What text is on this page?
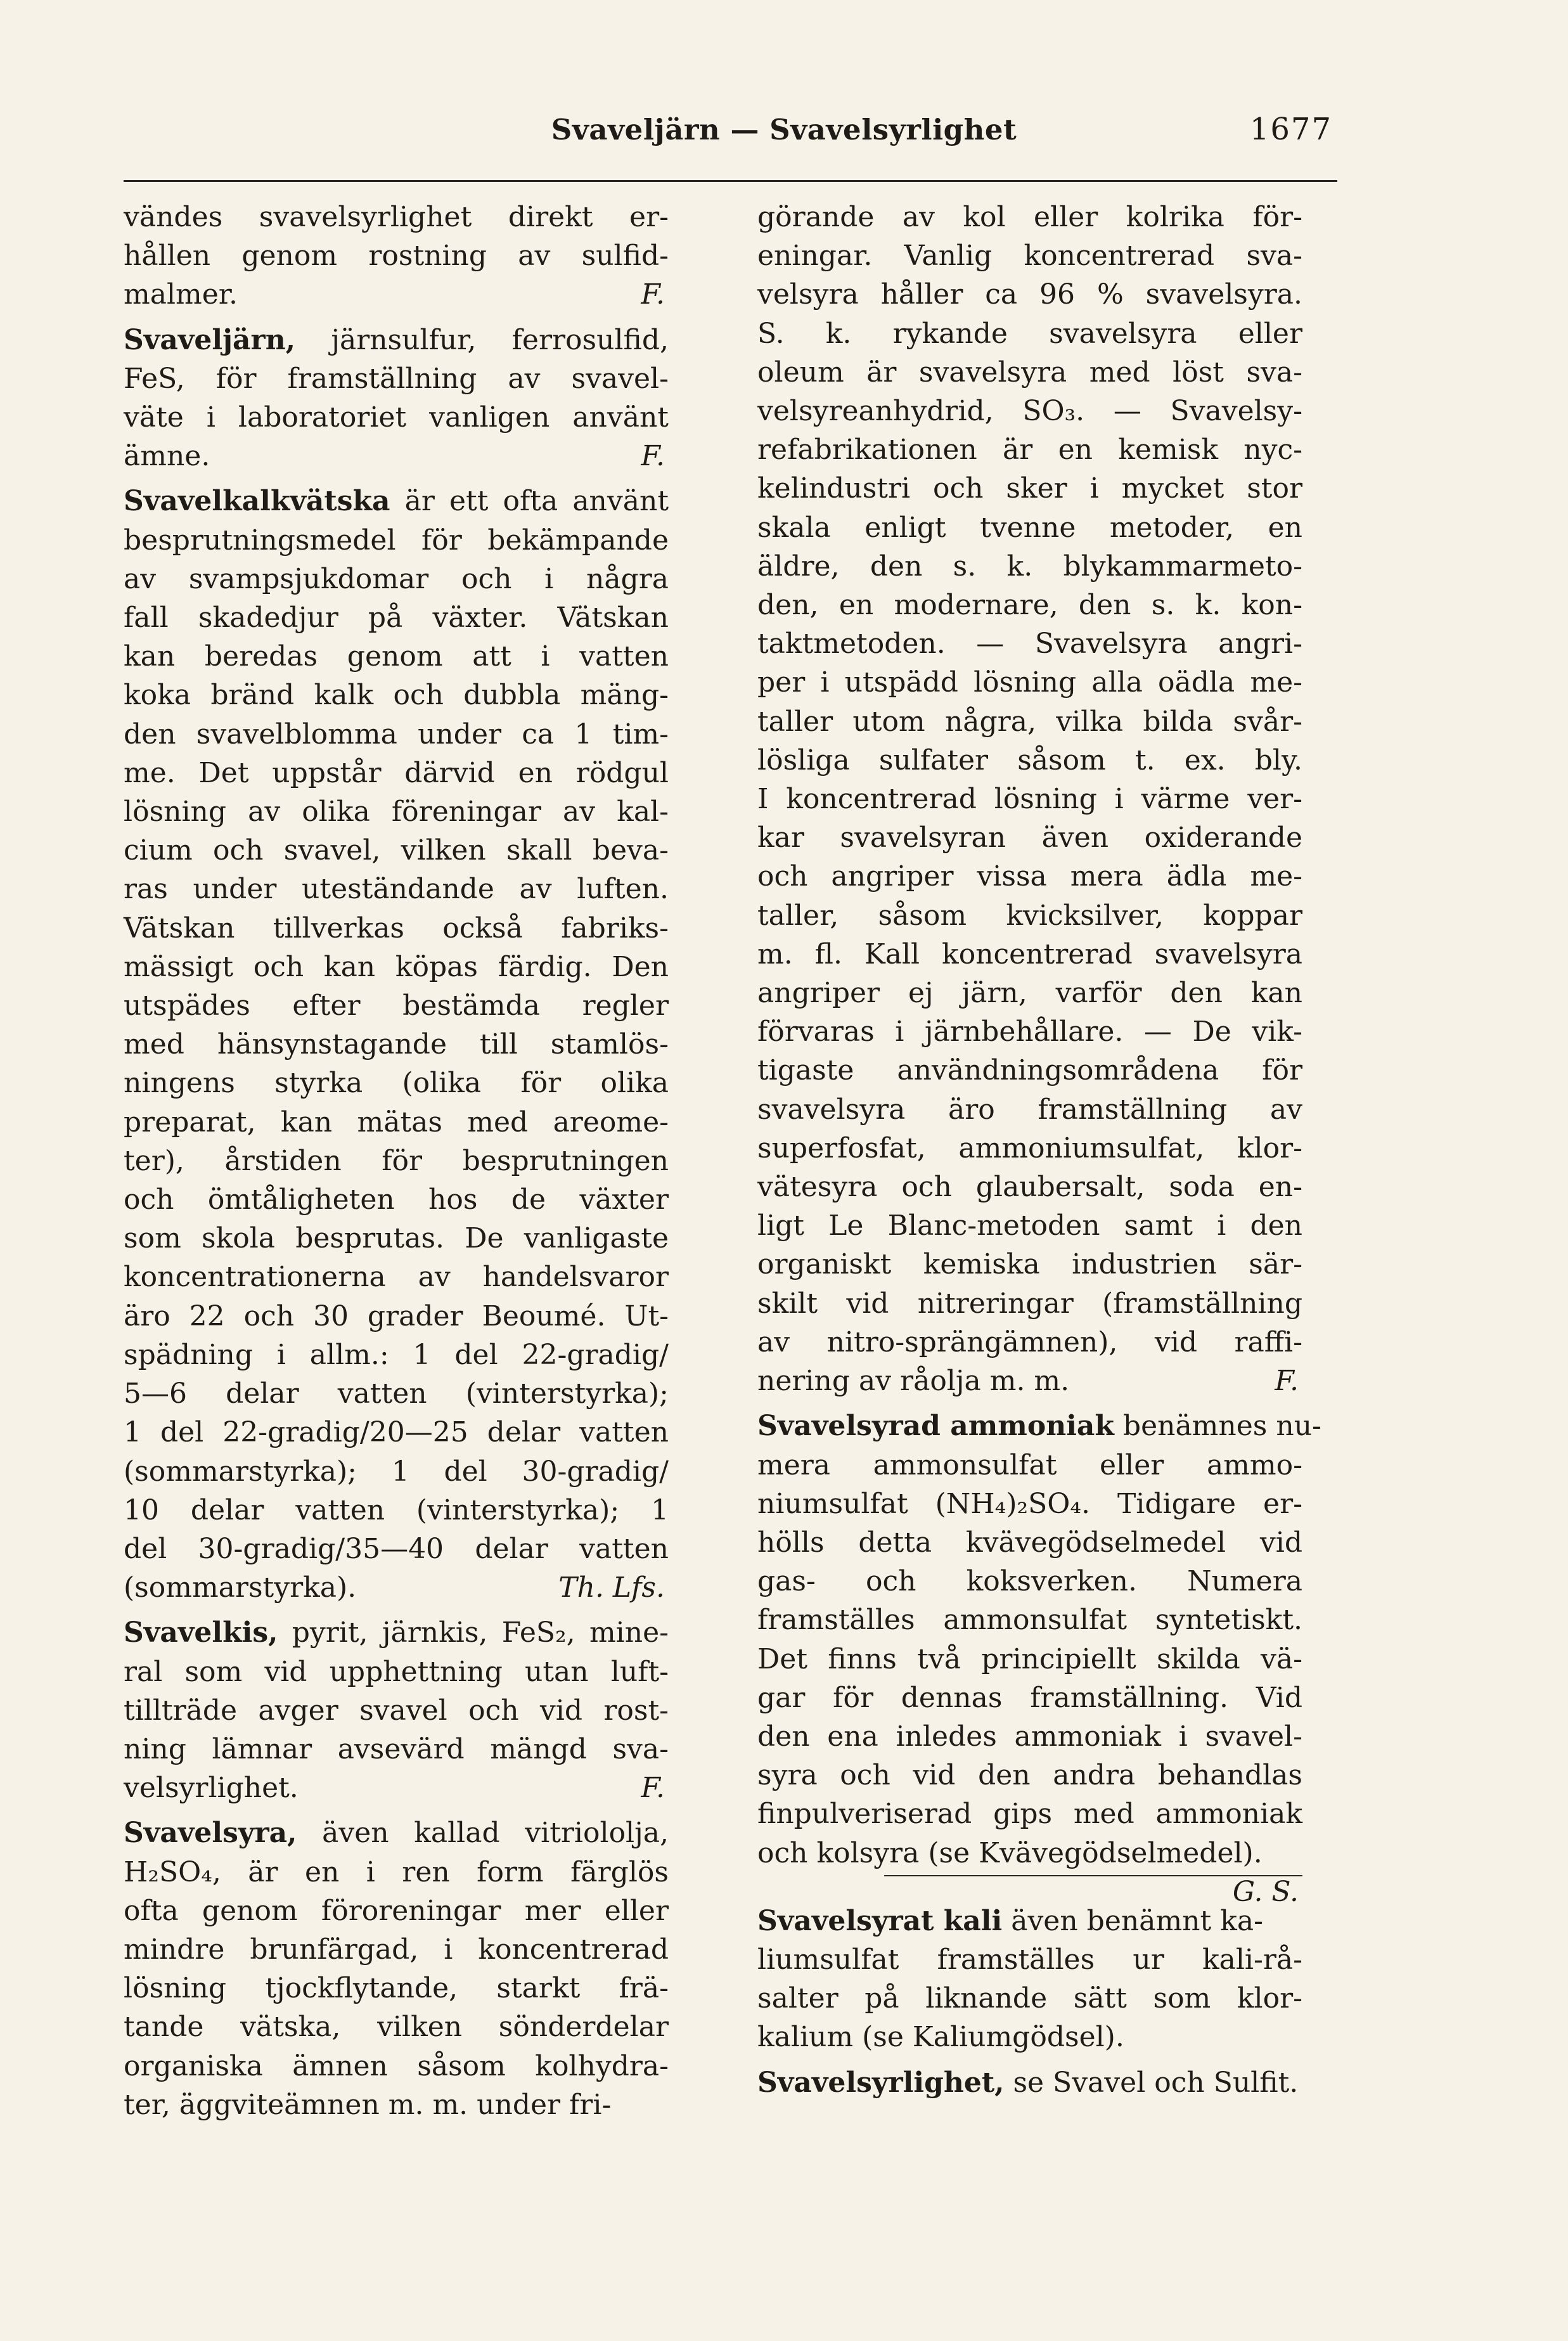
Svaveljärn — Svavelsyrlighet	1677
vändes svavelsyrlighet direkt er-
hållen genom rostning av sulfid-
malmer.	F.
Svaveljärn, järnsulfur, ferrosulfid,
FeS, för framställning av svavel-
väte i laboratoriet vanligen använt
ämne.	F.
Svavelkalkvätska är ett ofta använt
besprutningsmedel för bekämpande
av svampsjukdomar och i några
fall skadedjur på växter. Vätskan
kan beredas genom att i vatten
koka bränd kalk och dubbla mäng-
den svavelblomma under ca 1 tim-
me. Det uppstår därvid en rödgul
lösning av olika föreningar av kal-
cium och svavel, vilken skall beva-
ras under uteständande av luften.
Vätskan tillverkas också fabriks-
mässigt och kan köpas färdig. Den
utspädes efter bestämda regler
med hänsynstagande till stamlös-
ningens styrka (olika för olika
preparat, kan mätas med areome-
ter), årstiden för besprutningen
och ömtåligheten hos de växter
som skola besprutas. De vanligaste
koncentrationerna av handelsvaror
äro 22 och 30 grader Beoumé. Ut-
spädning i allm.: 1 del 22-gradig/
5—6 delar vatten (vinterstyrka);
1 del 22-gradig/20—25 delar vatten
(sommarstyrka); 1 del 30-gradig/
10 delar vatten (vinterstyrka); 1
del 30-gradig/35—40 delar vatten
(sommarstyrka).	Th. Lfs.
Svavelkis, pyrit, järnkis, FeS₂, mine-
ral som vid upphettning utan luft-
tillträde avger svavel och vid rost-
ning lämnar avsevärd mängd sva-
velsyrlighet.	F.
Svavelsyra, även kallad vitriololja,
H₂SO₄, är en i ren form färglös
ofta genom föroreningar mer eller
mindre brunfärgad, i koncentrerad
lösning tjockflytande, starkt frä-
tande vätska, vilken sönderdelar
organiska ämnen såsom kolhydra-
ter, äggviteämnen m. m. under fri-
görande av kol eller kolrika för-
eningar. Vanlig koncentrerad sva-
velsyra håller ca 96 % svavelsyra.
S. k. rykande svavelsyra eller
oleum är svavelsyra med löst sva-
velsyreanhydrid, SO₃. — Svavelsy-
refabrikationen är en kemisk nyc-
kelindustri och sker i mycket stor
skala enligt tvenne metoder, en
äldre, den s. k. blykammarmeto-
den, en modernare, den s. k. kon-
taktmetoden. — Svavelsyra angri-
per i utspädd lösning alla oädla me-
taller utom några, vilka bilda svår-
lösliga sulfater såsom t. ex. bly.
I koncentrerad lösning i värme ver-
kar svavelsyran även oxiderande
och angriper vissa mera ädla me-
taller, såsom kvicksilver, koppar
m. fl. Kall koncentrerad svavelsyra
angriper ej järn, varför den kan
förvaras i järnbehållare. — De vik-
tigaste användningsområdena för
svavelsyra äro framställning av
superfosfat, ammoniumsulfat, klor-
vätesyra och glaubersalt, soda en-
ligt Le Blanc-metoden samt i den
organiskt kemiska industrien sär-
skilt vid nitreringar (framställning
av nitro-sprängämnen), vid raffi-
nering av råolja m. m.	F.
Svavelsyrad ammoniak benämnes nu-
mera ammonsulfat eller ammo-
niumsulfat (NH₄)₂SO₄. Tidigare er-
hölls detta kvävegödselmedel vid
gas- och koksverken. Numera
framställes ammonsulfat syntetiskt.
Det finns två principiellt skilda vä-
gar för dennas framställning. Vid
den ena inledes ammoniak i svavel-
syra och vid den andra behandlas
finpulveriserad gips med ammoniak
och kolsyra (se Kvävegödselmedel).
G. S.
Svavelsyrat kali även benämnt ka-
liumsulfat framställes ur kali-rå-
salter på liknande sätt som klor-
kalium (se Kaliumgödsel).
Svavelsyrlighet, se Svavel och Sulfit.
